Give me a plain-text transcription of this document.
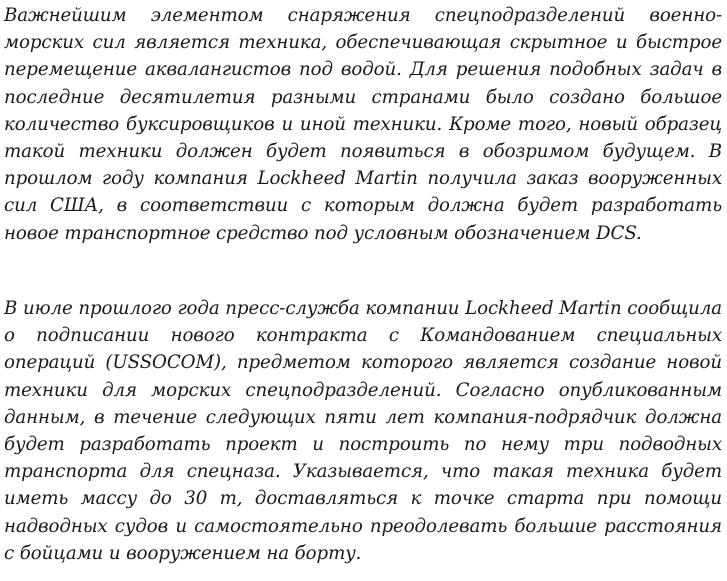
Важнейшим элементом снаряжения спецподразделений военно-морских сил является техника, обеспечивающая скрытное и быстрое перемещение аквалангистов под водой. Для решения подобных задач в последние десятилетия разными странами было создано большое количество буксировщиков и иной техники. Кроме того, новый образец такой техники должен будет появиться в обозримом будущем. В прошлом году компания Lockheed Martin получила заказ вооруженных сил США, в соответствии с которым должна будет разработать новое транспортное средство под условным обозначением DCS.

В июле прошлого года пресс-служба компании Lockheed Martin сообщила о подписании нового контракта с Командованием специальных операций (USSOCOM), предметом которого является создание новой техники для морских спецподразделений. Согласно опубликованным данным, в течение следующих пяти лет компания-подрядчик должна будет разработать проект и построить по нему три подводных транспорта для спецназа. Указывается, что такая техника будет иметь массу до 30 т, доставляться к точке старта при помощи надводных судов и самостоятельно преодолевать большие расстояния с бойцами и вооружением на борту.
